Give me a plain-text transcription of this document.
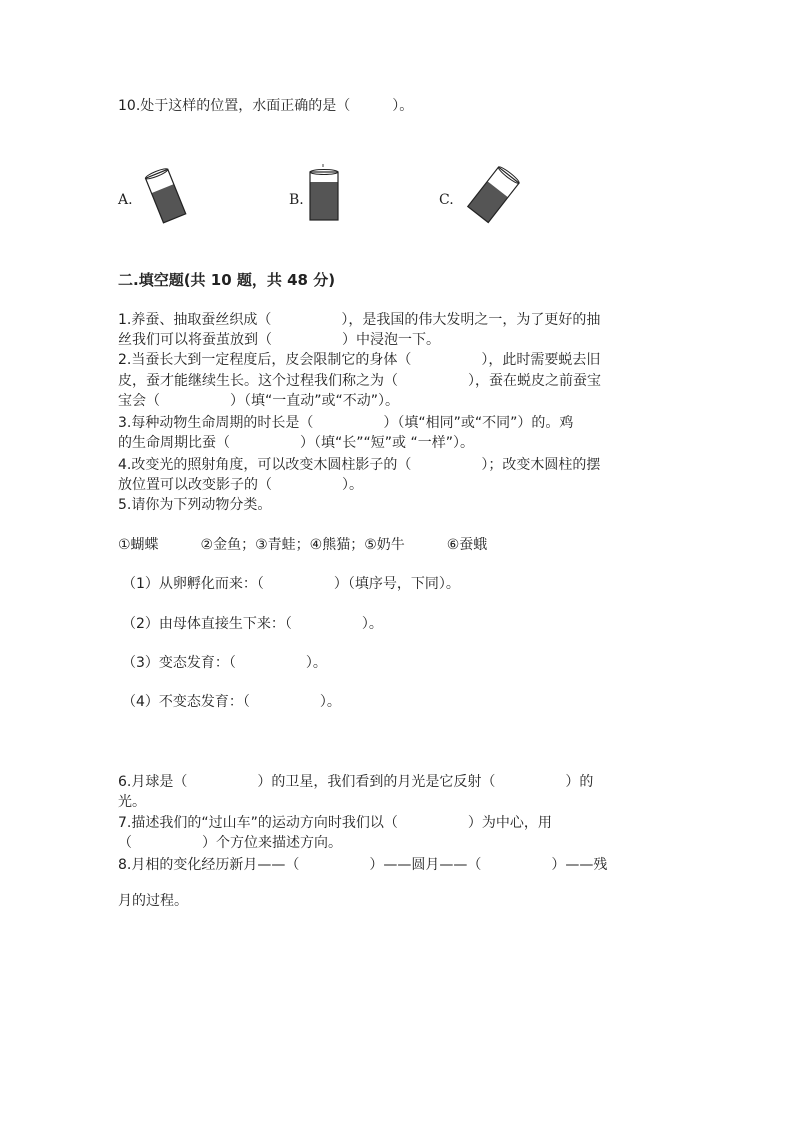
10.处于这样的位置，水面正确的是（　　　）。
A.	B.	C.
二.填空题(共 10 题，共 48 分)
1.养蚕、抽取蚕丝织成（　　　　　），是我国的伟大发明之一，为了更好的抽
丝我们可以将蚕茧放到（　　　　　）中浸泡一下。
2.当蚕长大到一定程度后，皮会限制它的身体（　　　　　），此时需要蜕去旧
皮，蚕才能继续生长。这个过程我们称之为（　　　　　），蚕在蜕皮之前蚕宝
宝会（　　　　　）（填“一直动”或“不动”）。
3.每种动物生命周期的时长是（　　　　　）（填“相同”或“不同”）的。鸡
的生命周期比蚕（　　　　　）（填“长”“短”或 “一样”）。
4.改变光的照射角度，可以改变木圆柱影子的（　　　　　）；改变木圆柱的摆
放位置可以改变影子的（　　　　　）。
5.请你为下列动物分类。
①蝴蝶　　　②金鱼；③青蛙；④熊猫；⑤奶牛　　　⑥蚕蛾
（1）从卵孵化而来：（　　　　　）（填序号，下同）。
（2）由母体直接生下来：（　　　　　）。
（3）变态发育：（　　　　　）。
（4）不变态发育：（　　　　　）。
6.月球是（　　　　　）的卫星，我们看到的月光是它反射（　　　　　）的
光。
7.描述我们的“过山车”的运动方向时我们以（　　　　　）为中心，用
（　　　　　）个方位来描述方向。
8.月相的变化经历新月——（　　　　　）——圆月——（　　　　　）——残
月的过程。
